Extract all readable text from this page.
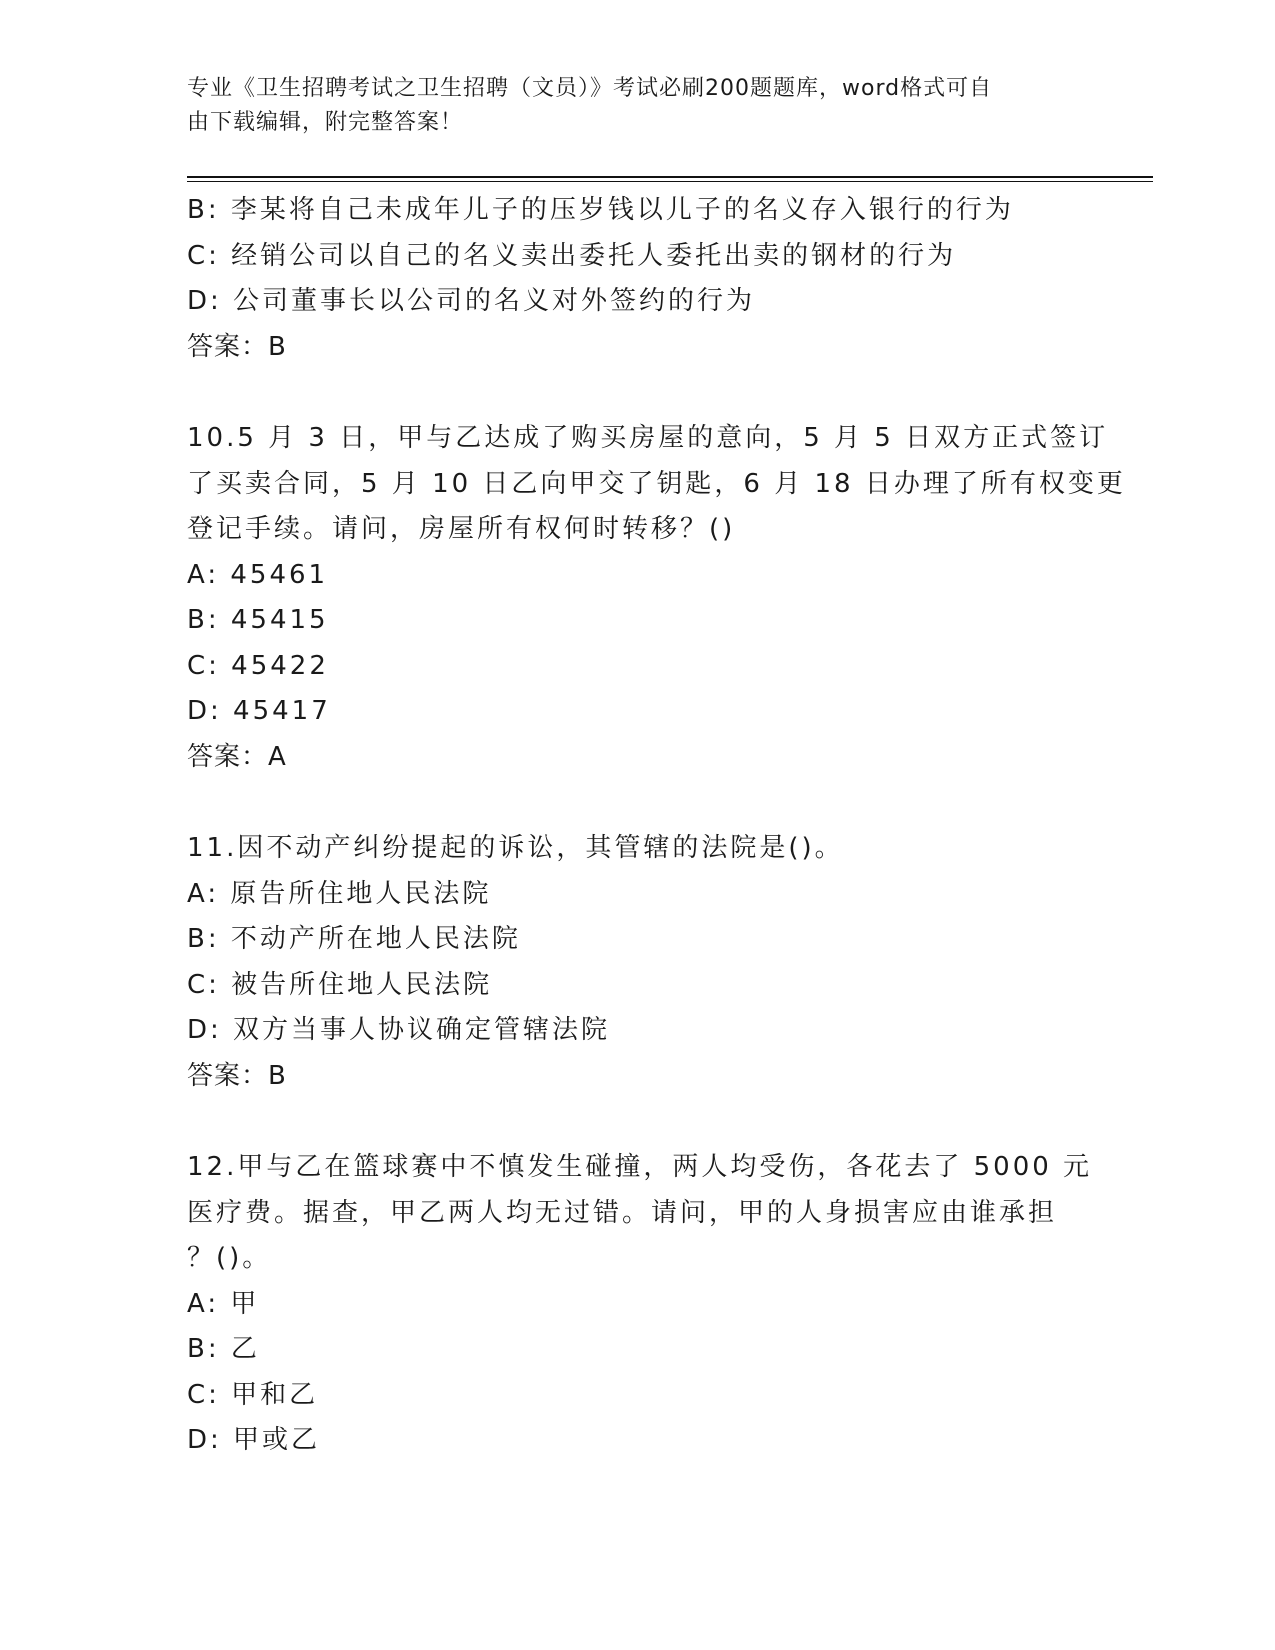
专业《卫生招聘考试之卫生招聘（文员）》考试必刷200题题库，word格式可自
由下载编辑，附完整答案！
B: 李某将自己未成年儿子的压岁钱以儿子的名义存入银行的行为
C: 经销公司以自己的名义卖出委托人委托出卖的钢材的行为
D: 公司董事长以公司的名义对外签约的行为
答案：B
10.5 月 3 日，甲与乙达成了购买房屋的意向，5 月 5 日双方正式签订
了买卖合同，5 月 10 日乙向甲交了钥匙，6 月 18 日办理了所有权变更
登记手续。请问，房屋所有权何时转移？()
A: 45461
B: 45415
C: 45422
D: 45417
答案：A
11.因不动产纠纷提起的诉讼，其管辖的法院是()。
A: 原告所住地人民法院
B: 不动产所在地人民法院
C: 被告所住地人民法院
D: 双方当事人协议确定管辖法院
答案：B
12.甲与乙在篮球赛中不慎发生碰撞，两人均受伤，各花去了 5000 元
医疗费。据查，甲乙两人均无过错。请问，甲的人身损害应由谁承担
？()。
A: 甲
B: 乙
C: 甲和乙
D: 甲或乙
